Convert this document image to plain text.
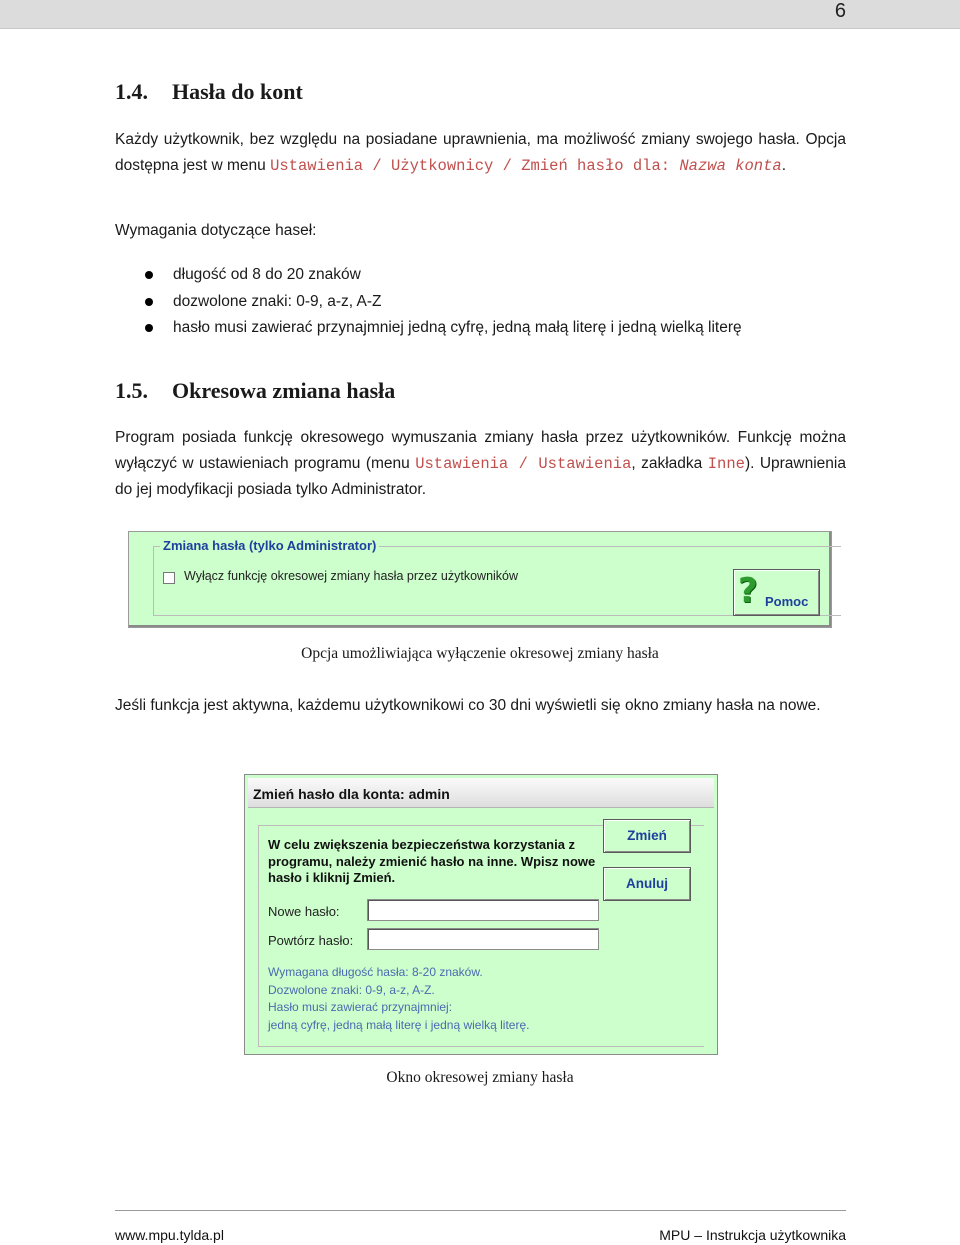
6
1.4. Hasła do kont
Każdy użytkownik, bez względu na posiadane uprawnienia, ma możliwość zmiany swojego hasła. Opcja dostępna jest w menu Ustawienia / Użytkownicy / Zmień hasło dla: Nazwa konta.
Wymagania dotyczące haseł:
długość od 8 do 20 znaków
dozwolone znaki: 0-9, a-z, A-Z
hasło musi zawierać przynajmniej jedną cyfrę, jedną małą literę i jedną wielką literę
1.5. Okresowa zmiana hasła
Program posiada funkcję okresowego wymuszania zmiany hasła przez użytkowników. Funkcję można wyłączyć w ustawieniach programu (menu Ustawienia / Ustawienia, zakładka Inne). Uprawnienia do jej modyfikacji posiada tylko Administrator.
Zmiana hasła (tylko Administrator)
Wyłącz funkcję okresowej zmiany hasła przez użytkowników	? Pomoc
Opcja umożliwiająca wyłączenie okresowej zmiany hasła
Jeśli funkcja jest aktywna, każdemu użytkownikowi co 30 dni wyświetli się okno zmiany hasła na nowe.
Zmień hasło dla konta: admin
W celu zwiększenia bezpieczeństwa korzystania z programu, należy zmienić hasło na inne. Wpisz nowe hasło i kliknij Zmień.
Nowe hasło:
Powtórz hasło:
Wymagana długość hasła: 8-20 znaków.
Dozwolone znaki: 0-9, a-z, A-Z.
Hasło musi zawierać przynajmniej:
jedną cyfrę, jedną małą literę i jedną wielką literę.
Zmień
Anuluj
Okno okresowej zmiany hasła
www.mpu.tylda.pl	MPU – Instrukcja użytkownika
